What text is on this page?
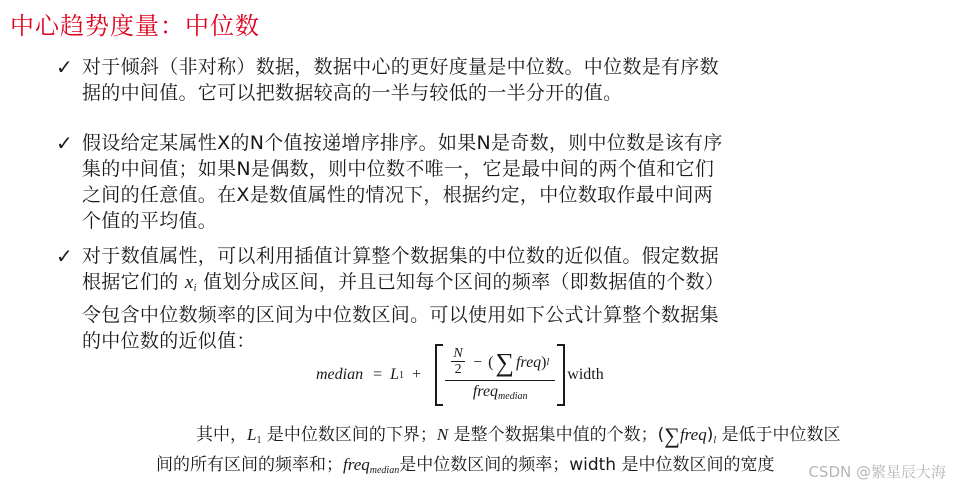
中心趋势度量：中位数
✓ 对于倾斜（非对称）数据，数据中心的更好度量是中位数。中位数是有序数
据的中间值。它可以把数据较高的一半与较低的一半分开的值。
✓ 假设给定某属性X的N个值按递增序排序。如果N是奇数，则中位数是该有序
集的中间值；如果N是偶数，则中位数不唯一，它是最中间的两个值和它们
之间的任意值。在X是数值属性的情况下，根据约定，中位数取作最中间两
个值的平均值。
✓ 对于数值属性，可以利用插值计算整个数据集的中位数的近似值。假定数据
根据它们的 $x_i$ 值划分成区间，并且已知每个区间的频率（即数据值的个数）
令包含中位数频率的区间为中位数区间。可以使用如下公式计算整个数据集
的中位数的近似值：
median = L $1 + \frac{N}{2}$ − ( ∑ freq ) l
freq$_{median}$
width
其中，$L_1$ 是中位数区间的下界；N 是整个数据集中值的个数；$(\sum freq)_l$ 是低于中位数区
间的所有区间的频率和；freq$_{median}$是中位数区间的频率；width 是中位数区间的宽度	CSDN @繁星辰大海
